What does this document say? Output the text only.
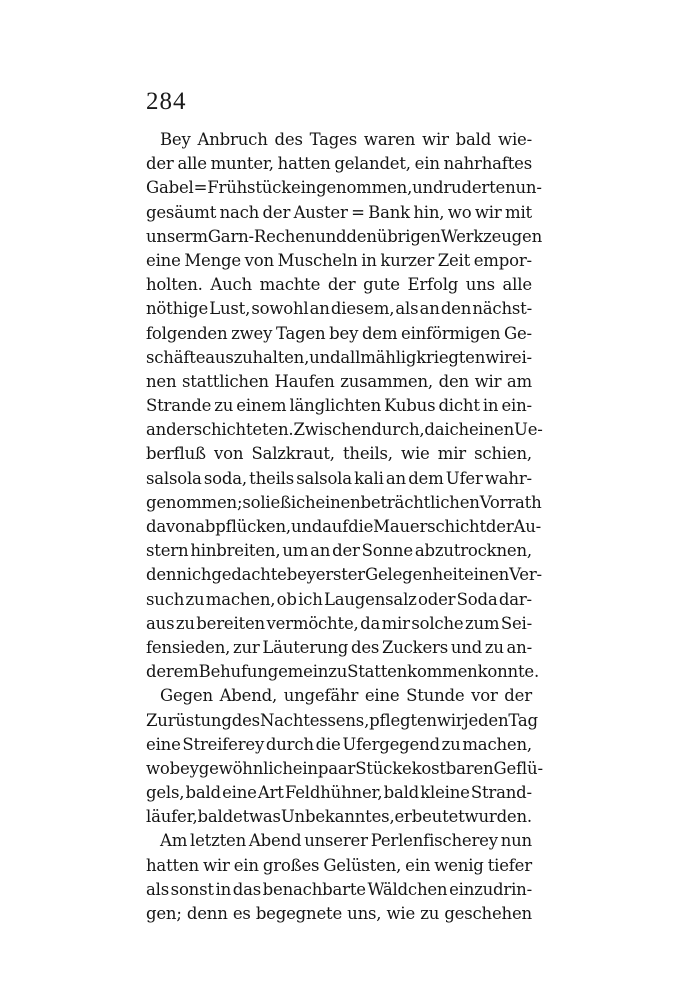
284
Bey Anbruch des Tages waren wir bald wie-
der alle munter, hatten gelandet, ein nahrhaftes
Gabel = Frühstück eingenommen, und ruderten un-
gesäumt nach der Auster = Bank hin, wo wir mit
unserm Garn-Rechen und den übrigen Werkzeugen
eine Menge von Muscheln in kurzer Zeit empor-
holten. Auch machte der gute Erfolg uns alle
nöthige Lust, sowohl an diesem, als an den nächst-
folgenden zwey Tagen bey dem einförmigen Ge-
schäfte auszuhalten, und allmählig kriegten wir ei-
nen stattlichen Haufen zusammen, den wir am
Strande zu einem länglichten Kubus dicht in ein-
ander schichteten. Zwischendurch, da ich einen Ue-
berfluß von Salzkraut, theils, wie mir schien,
salsola soda, theils salsola kali an dem Ufer wahr-
genommen; so ließ ich einen beträchtlichen Vorrath
davon abpflücken, und auf die Mauerschicht der Au-
stern hinbreiten, um an der Sonne abzutrocknen,
denn ich gedachte bey erster Gelegenheit einen Ver-
such zu machen, ob ich Laugensalz oder Soda dar-
aus zu bereiten vermöchte, da mir solche zum Sei-
fensieden, zur Läuterung des Zuckers und zu an-
derem Behuf ungemein zu Statten kommen konnte.
Gegen Abend, ungefähr eine Stunde vor der
Zurüstung des Nachtessens, pflegten wir jeden Tag
eine Streiferey durch die Ufergegend zu machen,
wobey gewöhnlich ein paar Stücke kostbaren Geflü-
gels, bald eine Art Feldhühner, bald kleine Strand-
läufer, bald etwas Unbekanntes, erbeutet wurden.
Am letzten Abend unserer Perlenfischerey nun
hatten wir ein großes Gelüsten, ein wenig tiefer
als sonst in das benachbarte Wäldchen einzudrin-
gen; denn es begegnete uns, wie zu geschehen
